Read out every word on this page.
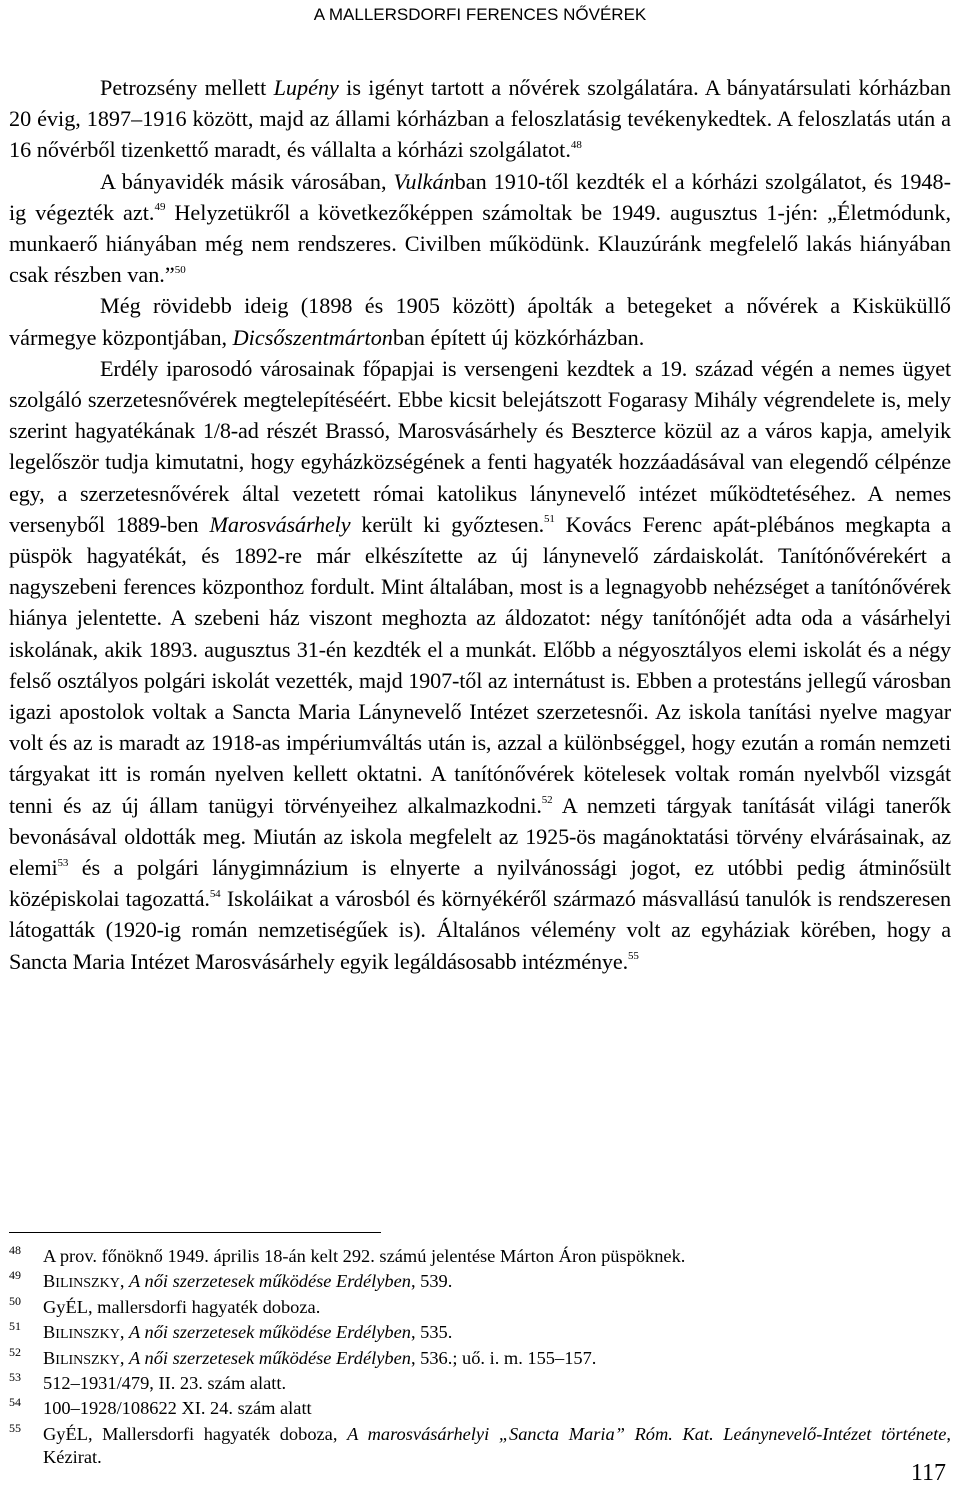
A MALLERSDORFI FERENCES NŐVÉREK

Petrozsény mellett Lupény is igényt tartott a nővérek szolgálatára. A bányatársulati kórházban 20 évig, 1897–1916 között, majd az állami kórházban a feloszlatásig tevékenykedtek. A feloszlatás után a 16 nővérből tizenkettő maradt, és vállalta a kórházi szolgálatot.$^{48}$

A bányavidék másik városában, Vulkánban 1910-től kezdték el a kórházi szolgálatot, és 1948-ig végezték azt.$^{49}$ Helyzetükről a következőképpen számoltak be 1949. augusztus 1-jén: „Életmódunk, munkaerő hiányában még nem rendszeres. Civilben működünk. Klauzúránk megfelelő lakás hiányában csak részben van.”$^{50}$

Még rövidebb ideig (1898 és 1905 között) ápolták a betegeket a nővérek a Kisküküllő vármegye központjában, Dicsőszentmártonban épített új közkórházban.

Erdély iparosodó városainak főpapjai is versengeni kezdtek a 19. század végén a nemes ügyet szolgáló szerzetesnővérek megtelepítéséért. Ebbe kicsit belejátszott Fogarasy Mihály végrendelete is, mely szerint hagyatékának 1/8-ad részét Brassó, Marosvásárhely és Beszterce közül az a város kapja, amelyik legelőször tudja kimutatni, hogy egyházközségének a fenti hagyaték hozzáadásával van elegendő célpénze egy, a szerzetesnővérek által vezetett római katolikus lánynevelő intézet működtetéséhez. A nemes versenyből 1889-ben Marosvásárhely került ki győztesen.$^{51}$ Kovács Ferenc apát-plébános megkapta a püspök hagyatékát, és 1892-re már elkészítette az új lánynevelő zárdaiskolát. Tanítónővérekért a nagyszebeni ferences központhoz fordult. Mint általában, most is a legnagyobb nehézséget a tanítónővérek hiánya jelentette. A szebeni ház viszont meghozta az áldozatot: négy tanítónőjét adta oda a vásárhelyi iskolának, akik 1893. augusztus 31-én kezdték el a munkát. Előbb a négyosztályos elemi iskolát és a négy felső osztályos polgári iskolát vezették, majd 1907-től az internátust is. Ebben a protestáns jellegű városban igazi apostolok voltak a Sancta Maria Lánynevelő Intézet szerzetesnői. Az iskola tanítási nyelve magyar volt és az is maradt az 1918-as impériumváltás után is, azzal a különbséggel, hogy ezután a román nemzeti tárgyakat itt is román nyelven kellett oktatni. A tanítónővérek kötelesek voltak román nyelvből vizsgát tenni és az új állam tanügyi törvényeihez alkalmazkodni.$^{52}$ A nemzeti tárgyak tanítását világi tanerők bevonásával oldották meg. Miután az iskola megfelelt az 1925-ös magánoktatási törvény elvárásainak, az elemi$^{53}$ és a polgári lánygimnázium is elnyerte a nyilvánossági jogot, ez utóbbi pedig átminősült középiskolai tagozattá.$^{54}$ Iskoláikat a városból és környékéről származó másvallású tanulók is rendszeresen látogatták (1920-ig román nemzetiségűek is). Általános vélemény volt az egyháziak körében, hogy a Sancta Maria Intézet Marosvásárhely egyik legáldásosabb intézménye.$^{55}$

48	A prov. főnöknő 1949. április 18-án kelt 292. számú jelentése Márton Áron püspöknek.
49	BILINSZKY, A női szerzetesek működése Erdélyben, 539.
50	GyÉL, mallersdorfi hagyaték doboza.
51	BILINSZKY, A női szerzetesek működése Erdélyben, 535.
52	BILINSZKY, A női szerzetesek működése Erdélyben, 536.; uő. i. m. 155–157.
53	512–1931/479, II. 23. szám alatt.
54	100–1928/108622 XI. 24. szám alatt
55	GyÉL, Mallersdorfi hagyaték doboza, A marosvásárhelyi „Sancta Maria” Róm. Kat. Leánynevelő-Intézet története, Kézirat.
117
